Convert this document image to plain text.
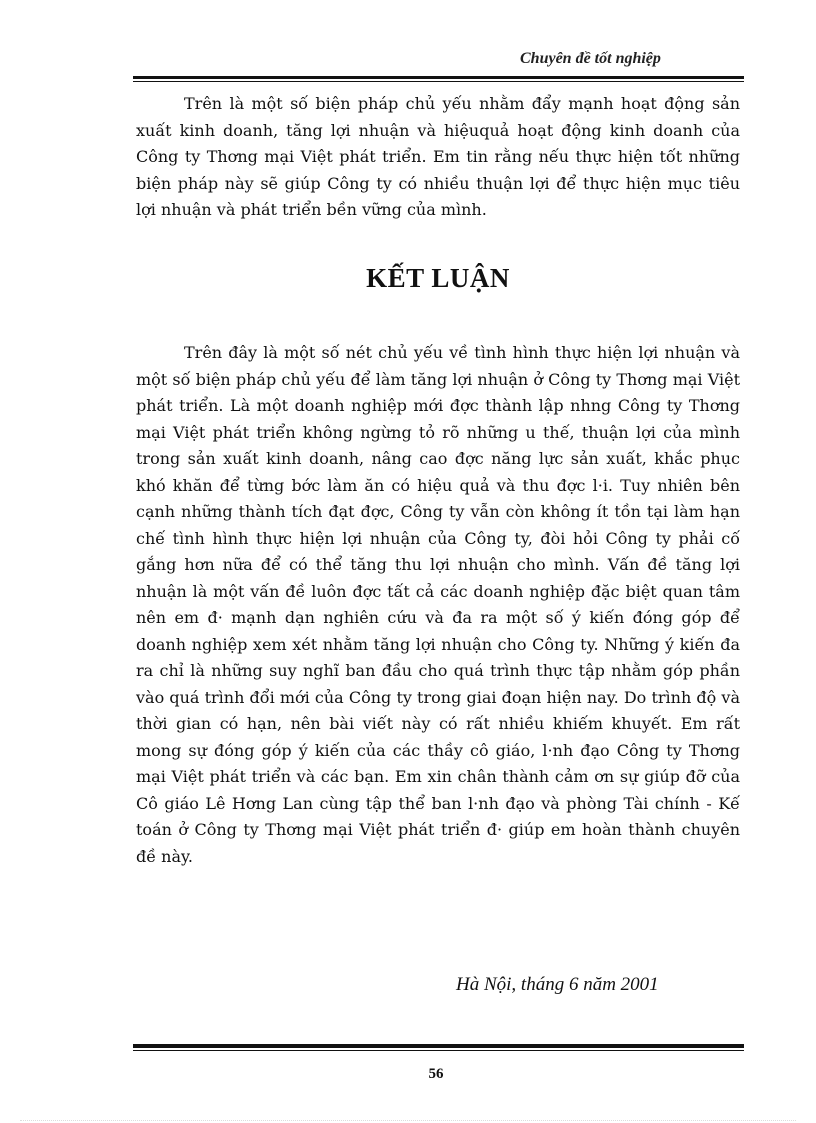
Chuyên đề tốt nghiệp

Trên là một số biện pháp chủ yếu nhằm đẩy mạnh hoạt động sản xuất kinh doanh, tăng lợi nhuận và hiệuquả hoạt động kinh doanh của Công ty Thơng mại Việt phát triển. Em tin rằng nếu thực hiện tốt những biện pháp này sẽ giúp Công ty có nhiều thuận lợi để thực hiện mục tiêu lợi nhuận và phát triển bền vững của mình.

KẾT LUẬN

Trên đây là một số nét chủ yếu về tình hình thực hiện lợi nhuận và một số biện pháp chủ yếu để làm tăng lợi nhuận ở Công ty Thơng mại Việt phát triển. Là một doanh nghiệp mới đợc thành lập nhng Công ty Thơng mại Việt phát triển không ngừng tỏ rõ những u thế, thuận lợi của mình trong sản xuất kinh doanh, nâng cao đợc năng lực sản xuất, khắc phục khó khăn để từng bớc làm ăn có hiệu quả và thu đợc l·i. Tuy nhiên bên cạnh những thành tích đạt đợc, Công ty vẫn còn không ít tồn tại làm hạn chế tình hình thực hiện lợi nhuận của Công ty, đòi hỏi Công ty phải cố gắng hơn nữa để có thể tăng thu lợi nhuận cho mình. Vấn đề tăng lợi nhuận là một vấn đề luôn đợc tất cả các doanh nghiệp đặc biệt quan tâm nên em đ· mạnh dạn nghiên cứu và đa ra một số ý kiến đóng góp để doanh nghiệp xem xét nhằm tăng lợi nhuận cho Công ty. Những ý kiến đa ra chỉ là những suy nghĩ ban đầu cho quá trình thực tập nhằm góp phần vào quá trình đổi mới của Công ty trong giai đoạn hiện nay. Do trình độ và thời gian có hạn, nên bài viết này có rất nhiều khiếm khuyết. Em rất mong sự đóng góp ý kiến của các thầy cô giáo, l·nh đạo Công ty Thơng mại Việt phát triển và các bạn. Em xin chân thành cảm ơn sự giúp đỡ của Cô giáo Lê Hơng Lan cùng tập thể ban l·nh đạo và phòng Tài chính - Kế toán ở Công ty Thơng mại Việt phát triển đ· giúp em hoàn thành chuyên đề này.

Hà Nội, tháng 6 năm 2001
56
